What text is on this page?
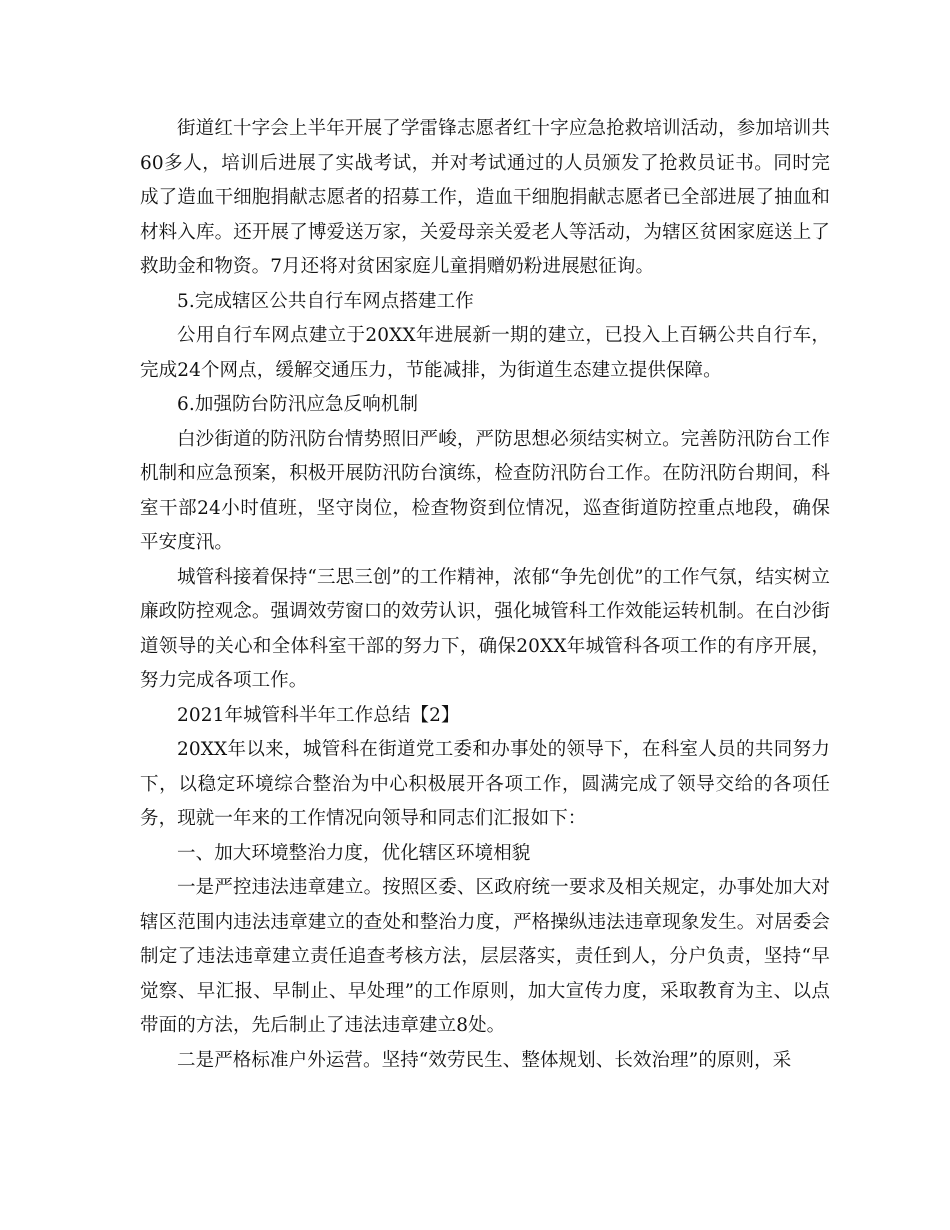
街道红十字会上半年开展了学雷锋志愿者红十字应急抢救培训活动，参加培训共60多人，培训后进展了实战考试，并对考试通过的人员颁发了抢救员证书。同时完成了造血干细胞捐献志愿者的招募工作，造血干细胞捐献志愿者已全部进展了抽血和材料入库。还开展了博爱送万家，关爱母亲关爱老人等活动，为辖区贫困家庭送上了救助金和物资。7月还将对贫困家庭儿童捐赠奶粉进展慰征询。

5.完成辖区公共自行车网点搭建工作

公用自行车网点建立于20XX年进展新一期的建立，已投入上百辆公共自行车，完成24个网点，缓解交通压力，节能减排，为街道生态建立提供保障。

6.加强防台防汛应急反响机制

白沙街道的防汛防台情势照旧严峻，严防思想必须结实树立。完善防汛防台工作机制和应急预案，积极开展防汛防台演练，检查防汛防台工作。在防汛防台期间，科室干部24小时值班，坚守岗位，检查物资到位情况，巡查街道防控重点地段，确保平安度汛。

城管科接着保持“三思三创”的工作精神，浓郁“争先创优”的工作气氛，结实树立廉政防控观念。强调效劳窗口的效劳认识，强化城管科工作效能运转机制。在白沙街道领导的关心和全体科室干部的努力下，确保20XX年城管科各项工作的有序开展，努力完成各项工作。

2021年城管科半年工作总结【2】

20XX年以来，城管科在街道党工委和办事处的领导下，在科室人员的共同努力下，以稳定环境综合整治为中心积极展开各项工作，圆满完成了领导交给的各项任务，现就一年来的工作情况向领导和同志们汇报如下：

一、加大环境整治力度，优化辖区环境相貌

一是严控违法违章建立。按照区委、区政府统一要求及相关规定，办事处加大对辖区范围内违法违章建立的查处和整治力度，严格操纵违法违章现象发生。对居委会制定了违法违章建立责任追查考核方法，层层落实，责任到人，分户负责，坚持“早觉察、早汇报、早制止、早处理”的工作原则，加大宣传力度，采取教育为主、以点带面的方法，先后制止了违法违章建立8处。

二是严格标准户外运营。坚持“效劳民生、整体规划、长效治理”的原则，采
